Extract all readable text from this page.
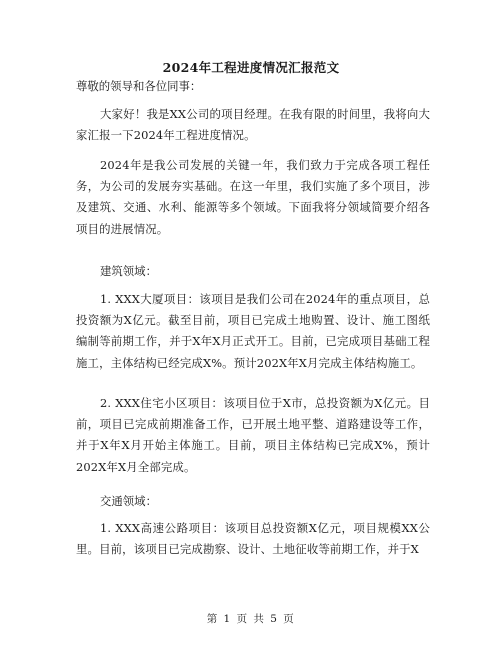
2024年工程进度情况汇报范文
尊敬的领导和各位同事：
大家好！我是XX公司的项目经理。在我有限的时间里，我将向大家汇报一下2024年工程进度情况。
2024年是我公司发展的关键一年，我们致力于完成各项工程任务，为公司的发展夯实基础。在这一年里，我们实施了多个项目，涉及建筑、交通、水利、能源等多个领域。下面我将分领域简要介绍各项目的进展情况。
建筑领域：
1. XXX大厦项目：该项目是我们公司在2024年的重点项目，总投资额为X亿元。截至目前，项目已完成土地购置、设计、施工图纸编制等前期工作，并于X年X月正式开工。目前，已完成项目基础工程施工，主体结构已经完成X%。预计202X年X月完成主体结构施工。
2. XXX住宅小区项目：该项目位于X市，总投资额为X亿元。目前，项目已完成前期准备工作，已开展土地平整、道路建设等工作，并于X年X月开始主体施工。目前，项目主体结构已完成X%，预计202X年X月全部完成。
交通领域：
1. XXX高速公路项目：该项目总投资额X亿元，项目规模XX公里。目前，该项目已完成勘察、设计、土地征收等前期工作，并于X
第 1 页 共 5 页
